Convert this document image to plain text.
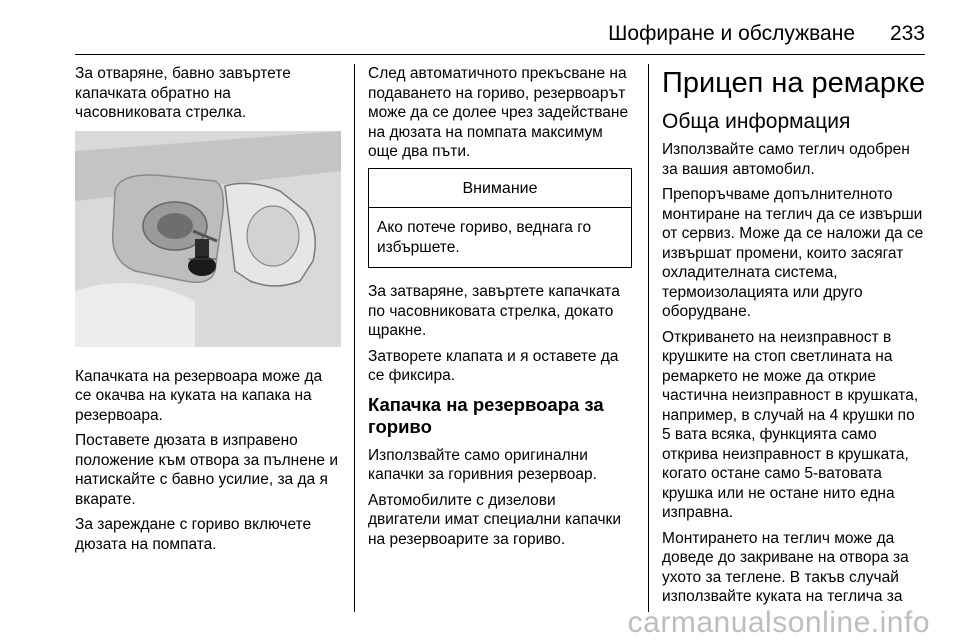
Шофиране и обслужване 233

За отваряне, бавно завъртете капачката обратно на часовниковата стрелка.

Капачката на резервоара може да се окачва на куката на капака на резервоара.

Поставете дюзата в изправено положение към отвора за пълнене и натискайте с бавно усилие, за да я вкарате.

За зареждане с гориво включете дюзата на помпата.

След автоматичното прекъсване на подаването на гориво, резервоарът може да се долее чрез задействане на дюзата на помпата максимум още два пъти.

Внимание
Ако потече гориво, веднага го избършете.

За затваряне, завъртете капачката по часовниковата стрелка, докато щракне.

Затворете клапата и я оставете да се фиксира.

Капачка на резервоара за гориво

Използвайте само оригинални капачки за горивния резервоар.

Автомобилите с дизелови двигатели имат специални капачки на резервоарите за гориво.

Прицеп на ремарке
Обща информация

Използвайте само теглич одобрен за вашия автомобил.

Препоръчваме допълнителното монтиране на теглич да се извърши от сервиз. Може да се наложи да се извършат промени, които засягат охладителната система, термоизолацията или друго оборудване.

Откриването на неизправност в крушките на стоп светлината на ремаркето не може да открие частична неизправност в крушката, например, в случай на 4 крушки по 5 вата всяка, функцията само открива неизправност в крушката, когато остане само 5-ватовата крушка или не остане нито една изправна.

Монтирането на теглич може да доведе до закриване на отвора за ухото за теглене. В такъв случай използвайте куката на теглича за

carmanualsonline.info
